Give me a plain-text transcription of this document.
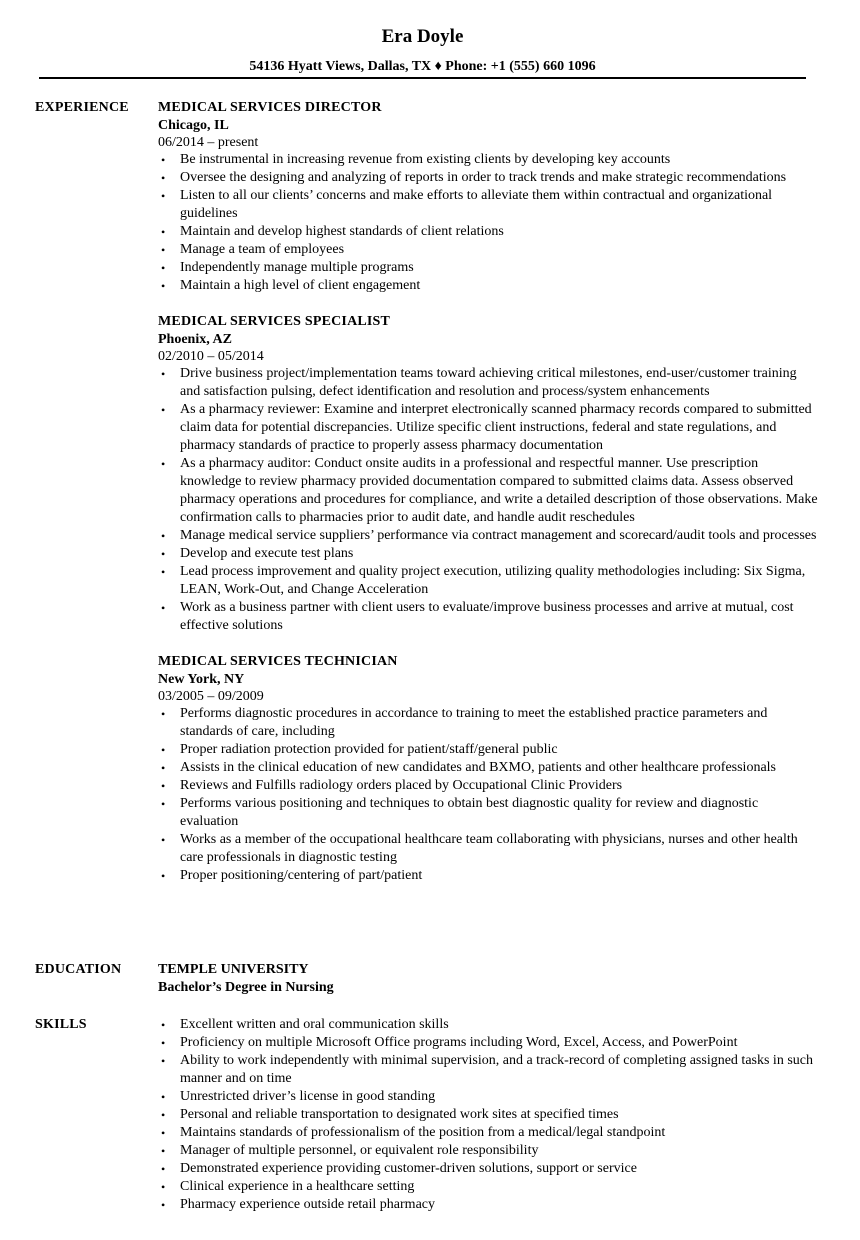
Era Doyle
54136 Hyatt Views, Dallas, TX ♦ Phone: +1 (555) 660 1096
EXPERIENCE MEDICAL SERVICES DIRECTOR
Chicago, IL
06/2014 – present
• Be instrumental in increasing revenue from existing clients by developing key accounts
• Oversee the designing and analyzing of reports in order to track trends and make strategic recommendations
• Listen to all our clients’ concerns and make efforts to alleviate them within contractual and organizational guidelines
• Maintain and develop highest standards of client relations
• Manage a team of employees
• Independently manage multiple programs
• Maintain a high level of client engagement
MEDICAL SERVICES SPECIALIST
Phoenix, AZ
02/2010 – 05/2014
• Drive business project/implementation teams toward achieving critical milestones, end-user/customer training and satisfaction pulsing, defect identification and resolution and process/system enhancements
• As a pharmacy reviewer: Examine and interpret electronically scanned pharmacy records compared to submitted claim data for potential discrepancies. Utilize specific client instructions, federal and state regulations, and pharmacy standards of practice to properly assess pharmacy documentation
• As a pharmacy auditor: Conduct onsite audits in a professional and respectful manner. Use prescription knowledge to review pharmacy provided documentation compared to submitted claims data. Assess observed pharmacy operations and procedures for compliance, and write a detailed description of those observations. Make confirmation calls to pharmacies prior to audit date, and handle audit reschedules
• Manage medical service suppliers’ performance via contract management and scorecard/audit tools and processes
• Develop and execute test plans
• Lead process improvement and quality project execution, utilizing quality methodologies including: Six Sigma, LEAN, Work-Out, and Change Acceleration
• Work as a business partner with client users to evaluate/improve business processes and arrive at mutual, cost effective solutions
MEDICAL SERVICES TECHNICIAN
New York, NY
03/2005 – 09/2009
• Performs diagnostic procedures in accordance to training to meet the established practice parameters and standards of care, including
• Proper radiation protection provided for patient/staff/general public
• Assists in the clinical education of new candidates and BXMO, patients and other healthcare professionals
• Reviews and Fulfills radiology orders placed by Occupational Clinic Providers
• Performs various positioning and techniques to obtain best diagnostic quality for review and diagnostic evaluation
• Works as a member of the occupational healthcare team collaborating with physicians, nurses and other health care professionals in diagnostic testing
• Proper positioning/centering of part/patient
EDUCATION	TEMPLE UNIVERSITY
Bachelor’s Degree in Nursing
SKILLS	• Excellent written and oral communication skills
• Proficiency on multiple Microsoft Office programs including Word, Excel, Access, and PowerPoint
• Ability to work independently with minimal supervision, and a track-record of completing assigned tasks in such manner and on time
• Unrestricted driver’s license in good standing
• Personal and reliable transportation to designated work sites at specified times
• Maintains standards of professionalism of the position from a medical/legal standpoint
• Manager of multiple personnel, or equivalent role responsibility
• Demonstrated experience providing customer-driven solutions, support or service
• Clinical experience in a healthcare setting
• Pharmacy experience outside retail pharmacy
